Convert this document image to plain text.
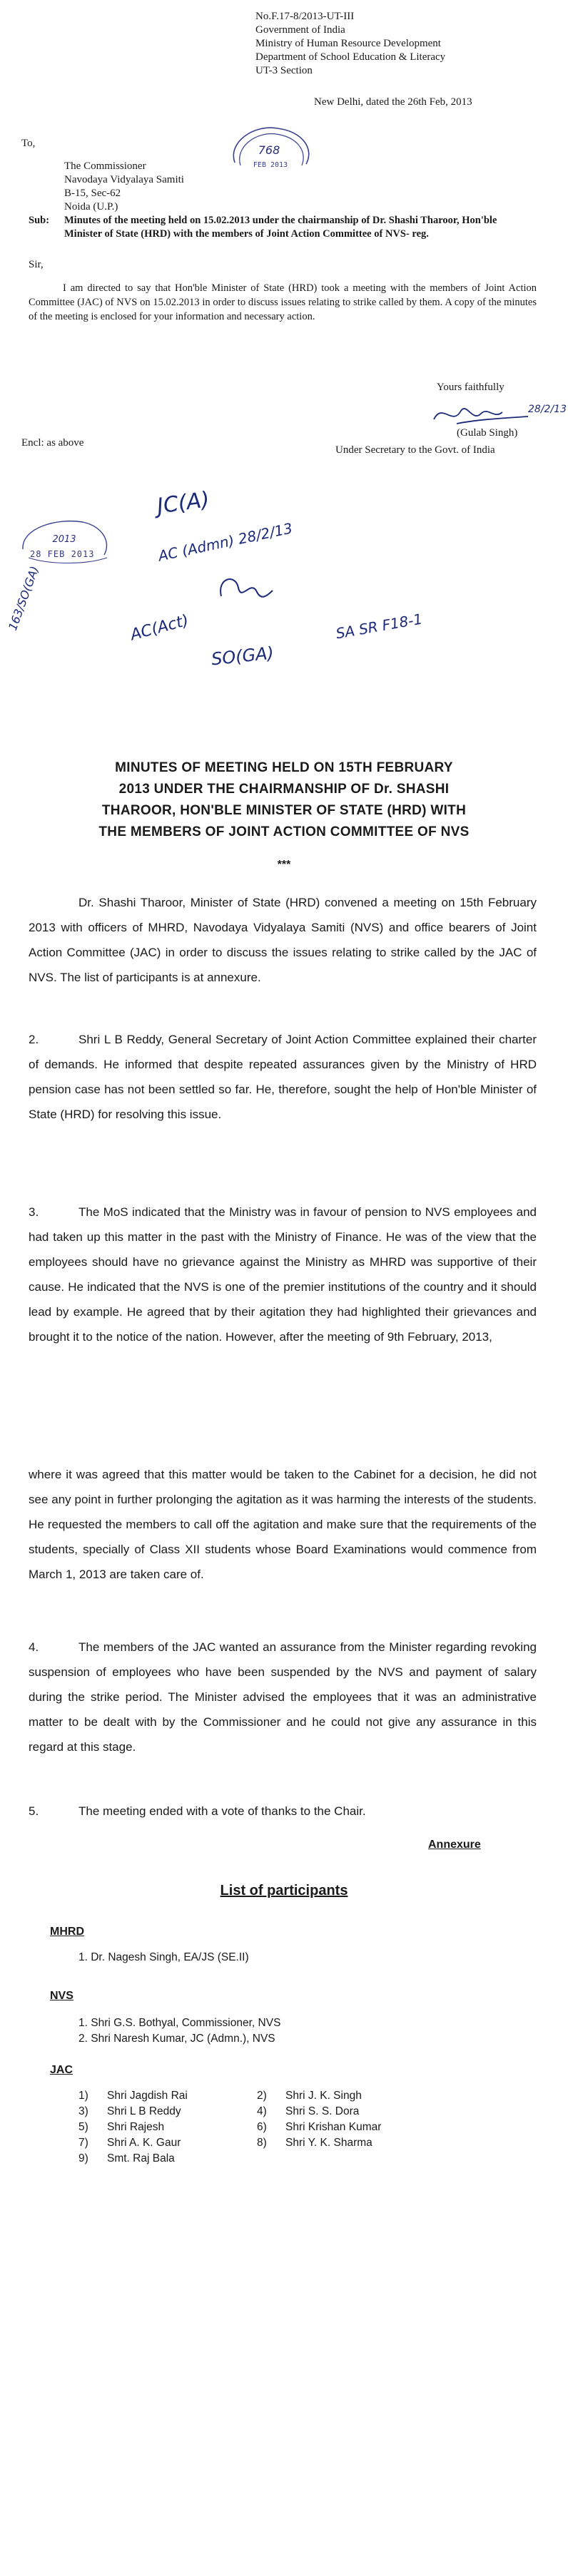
No.F.17-8/2013-UT-III
Government of India
Ministry of Human Resource Development
Department of School Education & Literacy
UT-3 Section
New Delhi, dated the 26th Feb, 2013
768
FEB 2013
To,
The Commissioner
Navodaya Vidyalaya Samiti
B-15, Sec-62
Noida (U.P.)
Sub: Minutes of the meeting held on 15.02.2013 under the chairmanship of Dr. Shashi Tharoor, Hon'ble Minister of State (HRD) with the members of Joint Action Committee of NVS- reg.
Sir,
I am directed to say that Hon'ble Minister of State (HRD) took a meeting with the members of Joint Action Committee (JAC) of NVS on 15.02.2013 in order to discuss issues relating to strike called by them. A copy of the minutes of the meeting is enclosed for your information and necessary action.
Yours faithfully
28/2/13
(Gulab Singh)
Under Secretary to the Govt. of India
Encl: as above
2013
28 FEB 2013
JC(A)
AC (Admn) 28/2/13
163/SO(GA)	AC(Act)
SO(GA)
SA SR F18-1
MINUTES OF MEETING HELD ON 15TH FEBRUARY
2013 UNDER THE CHAIRMANSHIP OF Dr. SHASHI
THAROOR, HON'BLE MINISTER OF STATE (HRD) WITH
THE MEMBERS OF JOINT ACTION COMMITTEE OF NVS
***
Dr. Shashi Tharoor, Minister of State (HRD) convened a meeting on 15th February 2013 with officers of MHRD, Navodaya Vidyalaya Samiti (NVS) and office bearers of Joint Action Committee (JAC) in order to discuss the issues relating to strike called by the JAC of NVS. The list of participants is at annexure.
2.	Shri L B Reddy, General Secretary of Joint Action Committee explained their charter of demands. He informed that despite repeated assurances given by the Ministry of HRD pension case has not been settled so far. He, therefore, sought the help of Hon'ble Minister of State (HRD) for resolving this issue.
3.	The MoS indicated that the Ministry was in favour of pension to NVS employees and had taken up this matter in the past with the Ministry of Finance. He was of the view that the employees should have no grievance against the Ministry as MHRD was supportive of their cause. He indicated that the NVS is one of the premier institutions of the country and it should lead by example. He agreed that by their agitation they had highlighted their grievances and brought it to the notice of the nation. However, after the meeting of 9th February, 2013,
where it was agreed that this matter would be taken to the Cabinet for a decision, he did not see any point in further prolonging the agitation as it was harming the interests of the students. He requested the members to call off the agitation and make sure that the requirements of the students, specially of Class XII students whose Board Examinations would commence from March 1, 2013 are taken care of.
4.	The members of the JAC wanted an assurance from the Minister regarding revoking suspension of employees who have been suspended by the NVS and payment of salary during the strike period. The Minister advised the employees that it was an administrative matter to be dealt with by the Commissioner and he could not give any assurance in this regard at this stage.
5.	The meeting ended with a vote of thanks to the Chair.
Annexure
List of participants
MHRD
1. Dr. Nagesh Singh, EA/JS (SE.II)
NVS
1. Shri G.S. Bothyal, Commissioner, NVS
2. Shri Naresh Kumar, JC (Admn.), NVS
JAC
1)	Shri Jagdish Rai	2)	Shri J. K. Singh
3)	Shri L B Reddy	4)	Shri S. S. Dora
5)	Shri Rajesh	6)	Shri Krishan Kumar
7)	Shri A. K. Gaur	8)	Shri Y. K. Sharma
9)	Smt. Raj Bala
